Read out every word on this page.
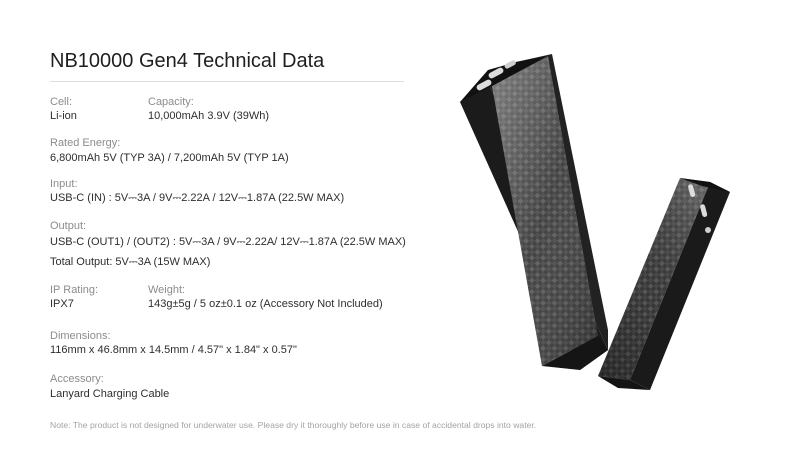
NB10000 Gen4 Technical Data
Cell:
Li-ion
Capacity:
10,000mAh 3.9V (39Wh)
Rated Energy:
6,800mAh 5V (TYP 3A) / 7,200mAh 5V (TYP 1A)
Input:
USB-C (IN) : 5V⎓3A / 9V⎓2.22A / 12V⎓1.87A (22.5W MAX)
Output:
USB-C (OUT1) / (OUT2) : 5V⎓3A / 9V⎓2.22A/ 12V⎓1.87A (22.5W MAX)
Total Output: 5V⎓3A (15W MAX)
IP Rating:
IPX7
Weight:
143g±5g / 5 oz±0.1 oz (Accessory Not Included)
Dimensions:
116mm x 46.8mm x 14.5mm / 4.57" x 1.84" x 0.57"
Accessory:
Lanyard Charging Cable
Note: The product is not designed for underwater use. Please dry it thoroughly before use in case of accidental drops into water.
